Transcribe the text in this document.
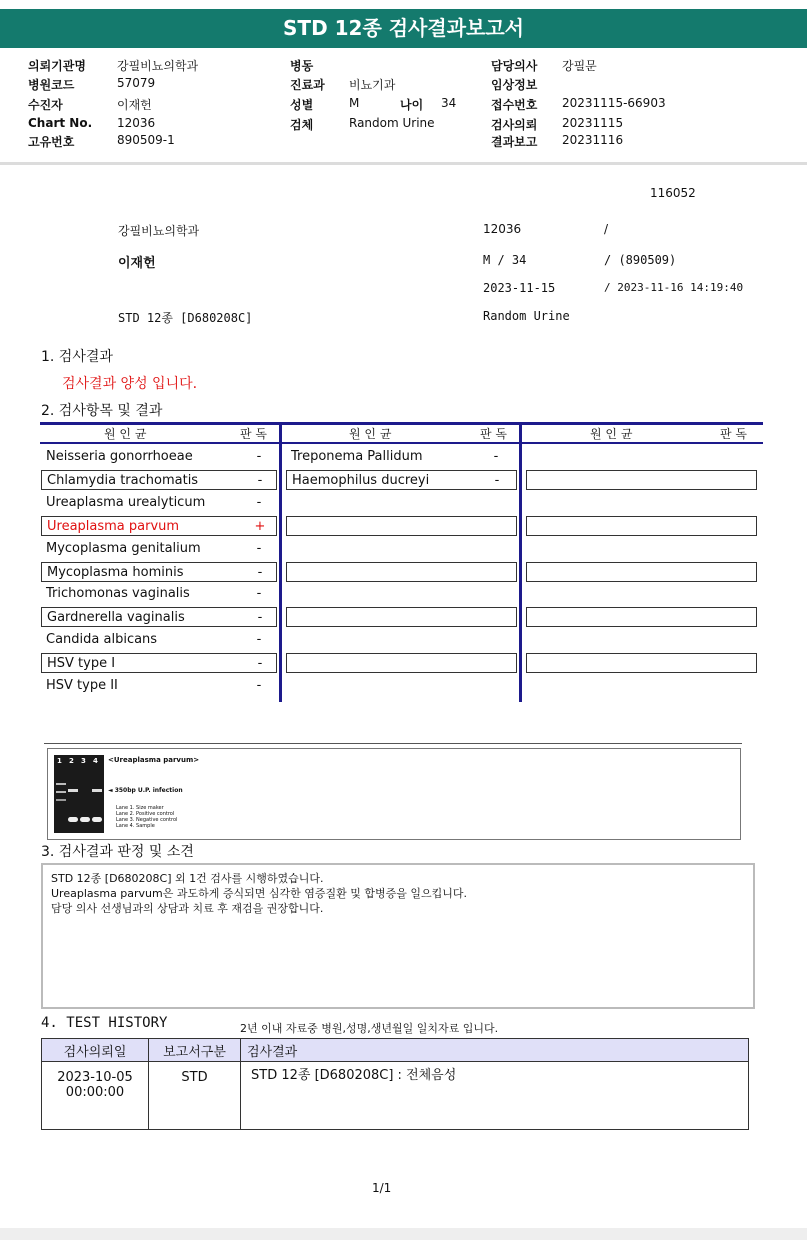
STD 12종 검사결과보고서
의뢰기관명	강필비뇨의학과
병원코드	57079
수진자	이재헌
Chart No. 12036
고유번호	890509-1
병동
진료과 비뇨기과
성별	M
검체	Random Urine
담당의사 강필문
임상정보
접수번호 20231115-66903
검사의뢰 20231115
결과보고 20231116
나이 34
116052
강필비뇨의학과	12036	/
이재헌	M / 34	/ (890509)
2023-11-15	/ 2023-11-16 14:19:40
STD 12종 [D680208C]	Random Urine
1. 검사결과
검사결과 양성 입니다.
2. 검사항목 및 결과
원 인 균	판 독	원 인 균	판 독	원 인 균	판 독
Neisseria gonorrhoeae	-	Treponema Pallidum	-
Chlamydia trachomatis	-	Haemophilus ducreyi	-
Ureaplasma urealyticum	-
Ureaplasma parvum	+
Mycoplasma genitalium	-
Mycoplasma hominis	-
Trichomonas vaginalis	-
Gardnerella vaginalis	-
Candida albicans	-
HSV type I	-
HSV type II	-
1 2 3 4 <Ureaplasma parvum>
◄ 350bp U.P. infection
Lane 1. Size maker
Lane 2. Positive control
Lane 3. Negative control
Lane 4. Sample
3. 검사결과 판정 및 소견
STD 12종 [D680208C] 외 1건 검사를 시행하였습니다.
Ureaplasma parvum은 과도하게 증식되면 심각한 염증질환 및 합병증을 일으킵니다.
담당 의사 선생님과의 상담과 치료 후 재검을 권장합니다.
4. TEST HISTORY	2년 이내 자료중 병원,성명,생년월일 일치자료 입니다.
검사의뢰일	보고서구분	검사결과

2023-10-05
00:00:00	STD	STD 12종 [D680208C] : 전체음성
1/1
